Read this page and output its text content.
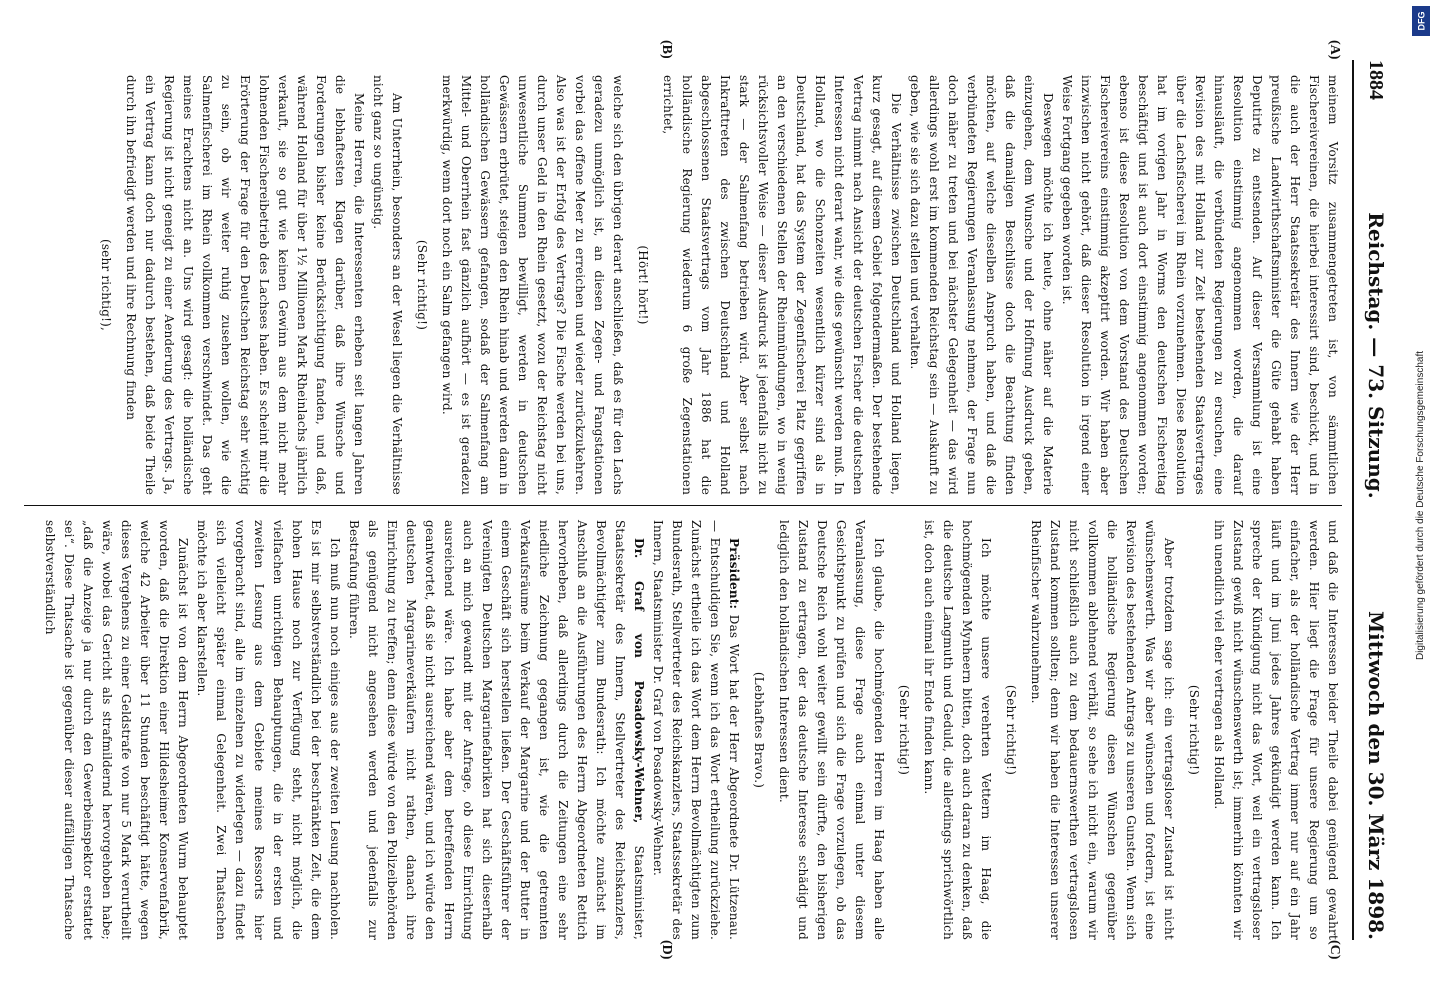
1884
Reichstag. — 73. Sitzung.
Mittwoch den 30. März 1898.
(A)
(B)
(C)
(D)

meinem Vorsitz zusammengetreten ist, von sämmtlichen Fischereivereinen, die hierbei interessirt sind, beschickt, und in die auch der Herr Staatssekretär des Innern wie der Herr preußische Landwirthschaftsminister die Güte gehabt haben Deputirte zu entsenden. Auf dieser Versammlung ist eine Resolution einstimmig angenommen worden, die darauf hinausläuft, die verbündeten Regierungen zu ersuchen, eine Revision des mit Holland zur Zeit bestehenden Staatsvertrages über die Lachsfischerei im Rhein vorzunehmen. Diese Resolution hat im vorigen Jahr in Worms den deutschen Fischereitag beschäftigt und ist auch dort einstimmig angenommen worden; ebenso ist diese Resolution von dem Vorstand des Deutschen Fischereivereins einstimmig akzeptirt worden. Wir haben aber inzwischen nicht gehört, daß dieser Resolution in irgend einer Weise Fortgang gegeben worden ist.

Deswegen möchte ich heute, ohne näher auf die Materie einzugehen, dem Wunsche und der Hoffnung Ausdruck geben, daß die damaligen Beschlüsse doch die Beachtung finden möchten, auf welche dieselben Anspruch haben, und daß die verbündeten Regierungen Veranlassung nehmen, der Frage nun doch näher zu treten und bei nächster Gelegenheit — das wird allerdings wohl erst im kommenden Reichstag sein — Auskunft zu geben, wie sie sich dazu stellen und verhalten.

Die Verhältnisse zwischen Deutschland und Holland liegen, kurz gesagt, auf diesem Gebiet folgendermaßen. Der bestehende Vertrag nimmt nach Ansicht der deutschen Fischer die deutschen Interessen nicht derart wahr, wie dies gewünscht werden muß. In Holland, wo die Schonzeiten wesentlich kürzer sind als in Deutschland, hat das System der Zegenfischerei Platz gegriffen an den verschiedenen Stellen der Rheinmündungen, wo in wenig rücksichtsvoller Weise — dieser Ausdruck ist jedenfalls nicht zu stark — der Salmenfang betrieben wird. Aber selbst nach Inkrafttreten des zwischen Deutschland und Holland abgeschlossenen Staatsvertrags vom Jahr 1886 hat die holländische Regierung wiederum 6 große Zegenstationen errichtet,

(Hört! hört!)

welche sich den übrigen derart anschließen, daß es für den Lachs geradezu unmöglich ist, an diesen Zegen- und Fangstationen vorbei das offene Meer zu erreichen und wieder zurückzukehren. Also was ist der Erfolg des Vertrags? Die Fische werden bei uns, durch unser Geld in den Rhein gesetzt, wozu der Reichstag nicht unwesentliche Summen bewilligt, werden in deutschen Gewässern erbrütet, steigen den Rhein hinab und werden dann in holländischen Gewässern gefangen, sodaß der Salmenfang am Mittel- und Oberrhein fast gänzlich aufhört — es ist geradezu merkwürdig, wenn dort noch ein Salm gefangen wird.

(Sehr richtig!)

Am Unterrhein, besonders an der Wesel liegen die Verhältnisse nicht ganz so ungünstig.

Meine Herren, die Interessenten erheben seit langen Jahren die lebhaftesten Klagen darüber, daß ihre Wünsche und Forderungen bisher keine Berücksichtigung fanden, und daß, während Holland für über 1½ Millionen Mark Rheinlachs jährlich verkauft, sie so gut wie keinen Gewinn aus dem nicht mehr lohnenden Fischereibetrieb des Lachses haben. Es scheint mir die Erörterung der Frage für den Deutschen Reichstag sehr wichtig zu sein, ob wir weiter ruhig zusehen wollen, wie die Salmenfischerei im Rhein vollkommen verschwindet. Das geht meines Erachtens nicht an. Uns wird gesagt: die holländische Regierung ist nicht geneigt zu einer Aenderung des Vertrags. Ja, ein Vertrag kann doch nur dadurch bestehen, daß beide Theile durch ihn befriedigt werden und ihre Rechnung finden

(sehr richtig!),

und daß die Interessen beider Theile dabei genügend gewahrt werden. Hier liegt die Frage für unsere Regierung um so einfacher, als der holländische Vertrag immer nur auf ein Jahr läuft und im Juni jedes Jahres gekündigt werden kann. Ich spreche der Kündigung nicht das Wort, weil ein vertragsloser Zustand gewiß nicht wünschenswerth ist; immerhin könnten wir ihn unendlich viel eher vertragen als Holland.

(Sehr richtig!)

Aber trotzdem sage ich: ein vertragsloser Zustand ist nicht wünschenswerth. Was wir aber wünschen und fordern, ist eine Revision des bestehenden Antrags zu unseren Gunsten. Wenn sich die holländische Regierung diesen Wünschen gegenüber vollkommen ablehnend verhält, so sehe ich nicht ein, warum wir nicht schließlich auch zu dem bedauernswerthen vertragslosen Zustand kommen sollten; denn wir haben die Interessen unserer Rheinfischer wahrzunehmen.

(Sehr richtig!)

Ich möchte unsere verehrten Vettern im Haag, die hochmögenden Mynheern bitten, doch auch daran zu denken, daß die deutsche Langmuth und Geduld, die allerdings sprichwörtlich ist, doch auch einmal ihr Ende finden kann.

(Sehr richtig!)

Ich glaube, die hochmögenden Herren im Haag haben alle Veranlassung, diese Frage auch einmal unter diesem Gesichtspunkt zu prüfen und sich die Frage vorzulegen, ob das Deutsche Reich wohl weiter gewillt sein dürfte, den bisherigen Zustand zu ertragen, der das deutsche Interesse schädigt und lediglich den holländischen Interessen dient.

(Lebhaftes Bravo.)

Präsident: Das Wort hat der Herr Abgeordnete Dr. Lützenau. — Entschuldigen Sie, wenn ich das Wort ertheilung zurückziehe. Zunächst ertheile ich das Wort dem Herrn Bevollmächtigten zum Bundesrath, Stellvertreter des Reichskanzlers, Staatssekretär des Innern, Staatsminister Dr. Graf von Posadowsky-Wehner.

Dr. Graf von Posadowsky-Wehner, Staatsminister, Staatssekretär des Innern, Stellvertreter des Reichskanzlers, Bevollmächtigter zum Bundesrath: Ich möchte zunächst im Anschluß an die Ausführungen des Herrn Abgeordneten Rettich hervorheben, daß allerdings durch die Zeitungen eine sehr niedliche Zeichnung gegangen ist, wie die getrennten Verkaufsräume beim Verkauf der Margarine und der Butter in einem Geschäft sich herstellen ließen. Der Geschäftsführer der Vereinigten Deutschen Margarinefabriken hat sich dieserhalb auch an mich gewandt mit der Anfrage, ob diese Einrichtung ausreichend wäre. Ich habe aber dem betreffenden Herrn geantwortet, daß sie nicht ausreichend wären, und ich würde den deutschen Margarineverkäufern nicht rathen, danach ihre Einrichtung zu treffen; denn diese würde von den Polizeibehörden als genügend nicht angesehen werden und jedenfalls zur Bestrafung führen.

Ich muß nun noch einiges aus der zweiten Lesung nachholen. Es ist mir selbstverständlich bei der beschränkten Zeit, die dem hohen Hause noch zur Verfügung steht, nicht möglich, die vielfachen unrichtigen Behauptungen, die in der ersten und zweiten Lesung aus dem Gebiete meines Ressorts hier vorgebracht sind, alle im einzelnen zu widerlegen — dazu findet sich vielleicht später einmal Gelegenheit. Zwei Thatsachen möchte ich aber klarstellen.

Zunächst ist von dem Herrn Abgeordneten Wurm behauptet worden, daß die Direktion einer Hildesheimer Konservenfabrik, welche 42 Arbeiter über 11 Stunden beschäftigt hätte, wegen dieses Vergehens zu einer Geldstrafe von nur 5 Mark verurtheilt wäre, wobei das Gericht als strafmildernd hervorgehoben habe; „daß die Anzeige ja nur durch den Gewerbeinspektor erstattet sei“. Diese Thatsache ist gegenüber dieser auffälligen Thatsache selbstverständlich

DFG
Digitalisierung gefördert durch die Deutsche Forschungsgemeinschaft
